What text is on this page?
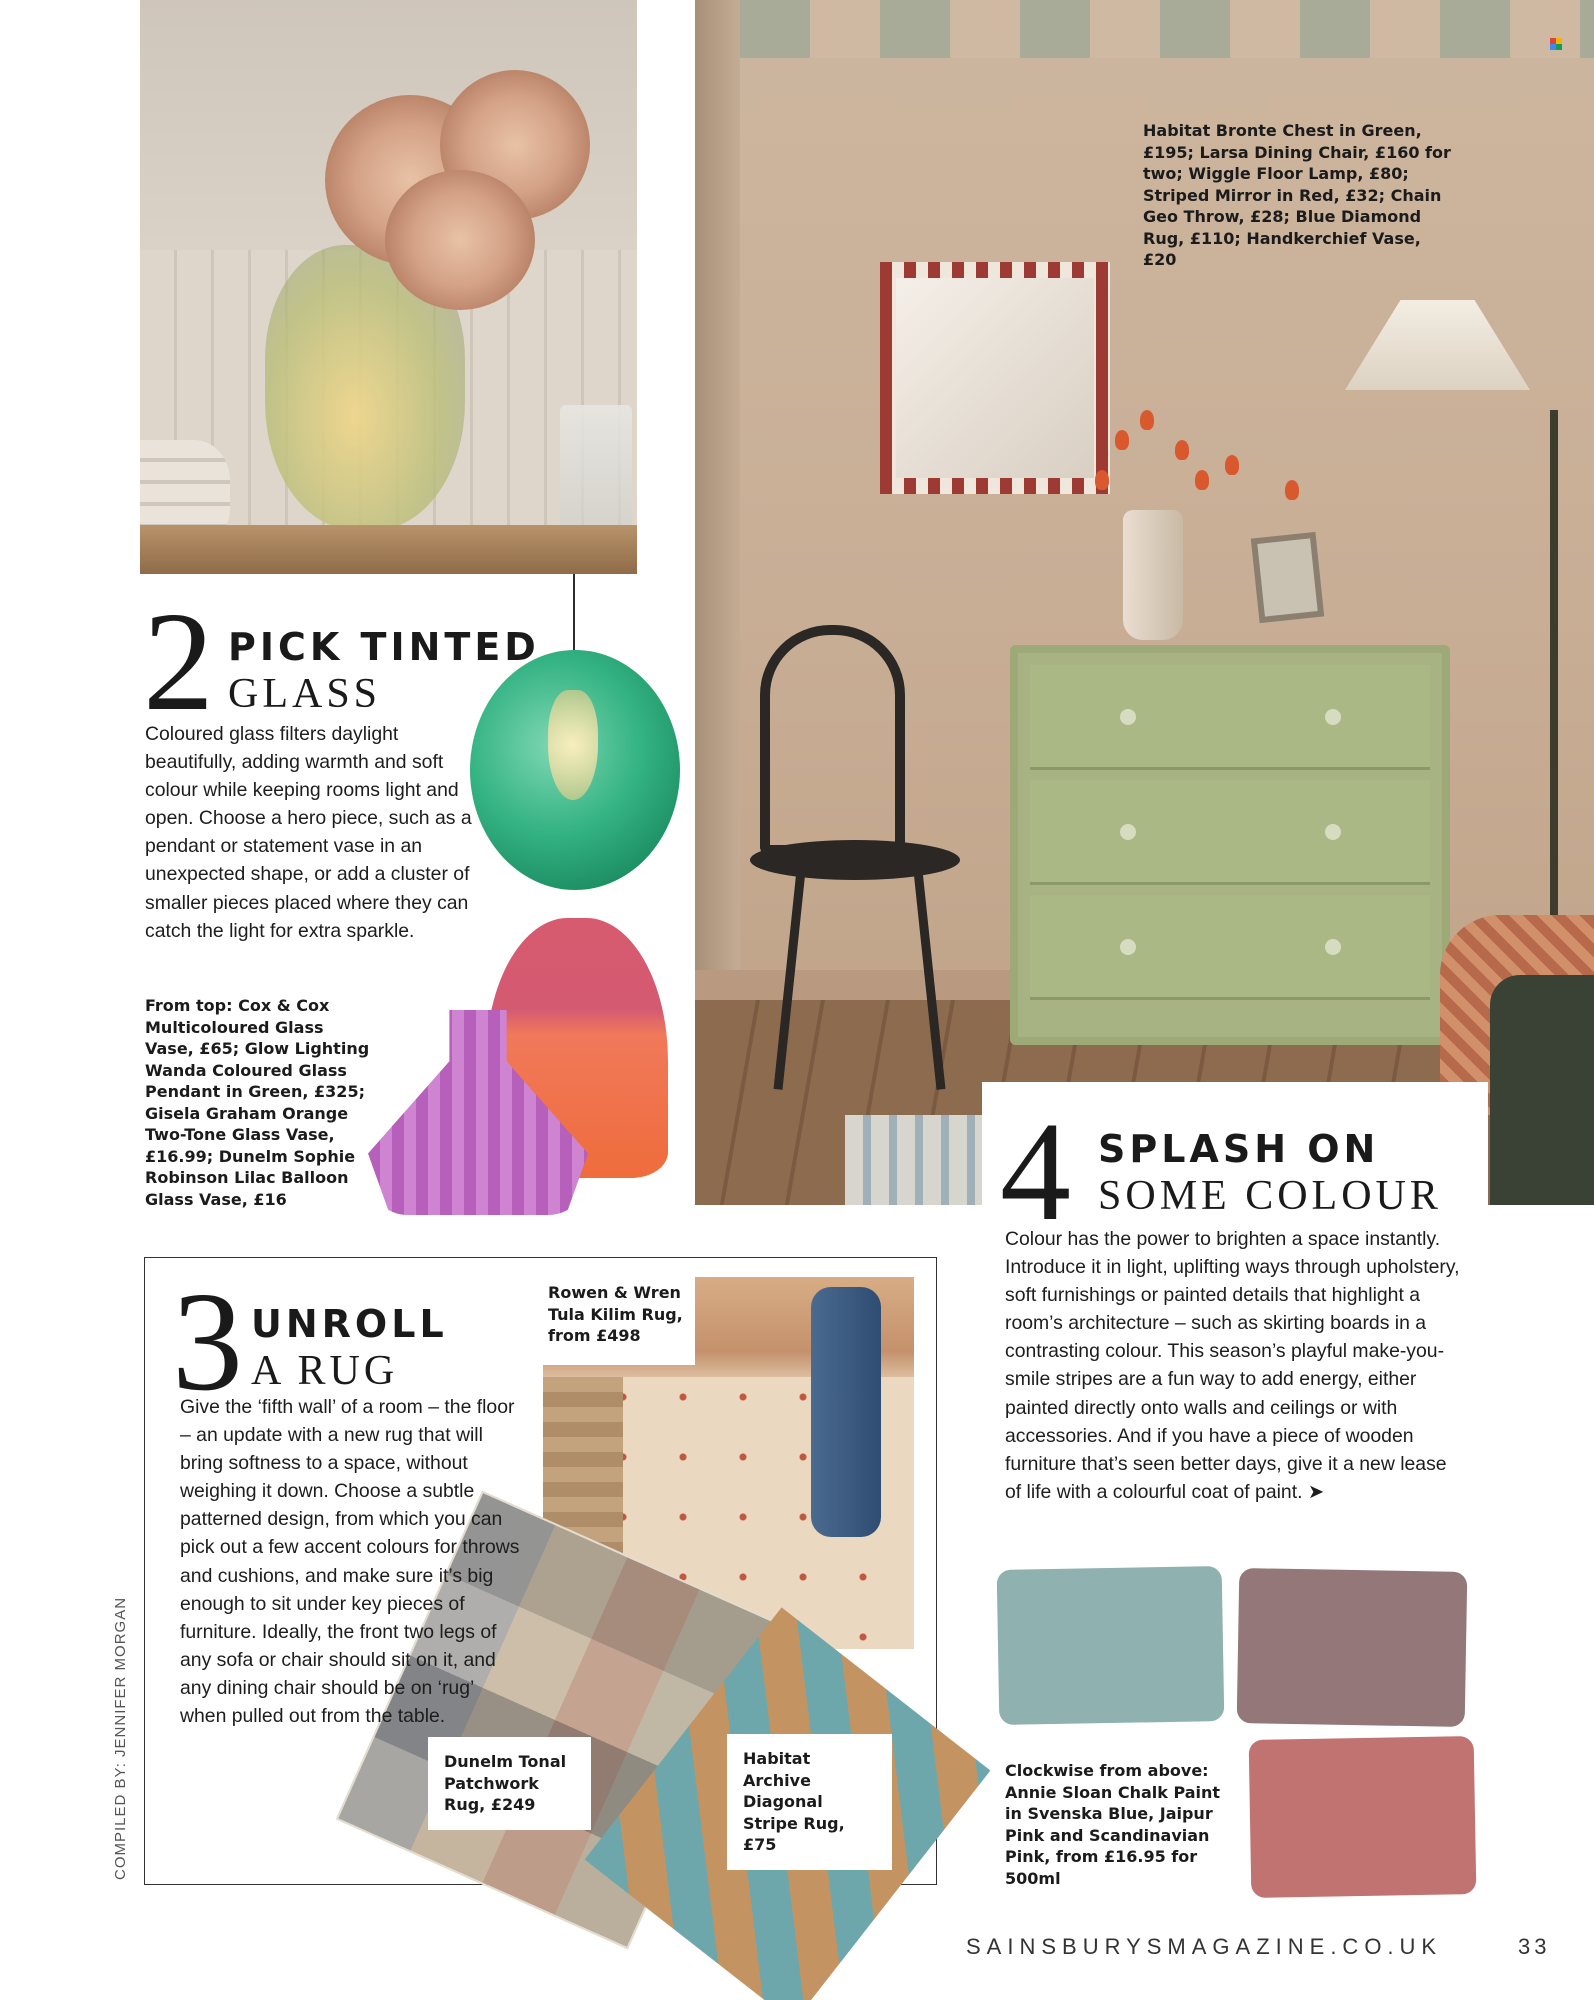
Habitat Bronte Chest in Green, £195; Larsa Dining Chair, £160 for two; Wiggle Floor Lamp, £80; Striped Mirror in Red, £32; Chain Geo Throw, £28; Blue Diamond Rug, £110; Handkerchief Vase, £20
2 PICK TINTED
GLASS
Coloured glass filters daylight beautifully, adding warmth and soft colour while keeping rooms light and open. Choose a hero piece, such as a pendant or statement vase in an unexpected shape, or add a cluster of smaller pieces placed where they can catch the light for extra sparkle.
From top: Cox & Cox Multicoloured Glass Vase, £65; Glow Lighting Wanda Coloured Glass Pendant in Green, £325; Gisela Graham Orange Two-Tone Glass Vase, £16.99; Dunelm Sophie Robinson Lilac Balloon Glass Vase, £16	4 SPLASH ON
SOME COLOUR
Colour has the power to brighten a space instantly. Introduce it in light, uplifting ways through upholstery, soft furnishings or painted details that highlight a room’s architecture – such as skirting boards in a contrasting colour. This season’s playful make-you-smile stripes are a fun way to add energy, either painted directly onto walls and ceilings or with accessories. And if you have a piece of wooden furniture that’s seen better days, give it a new lease of life with a colourful coat of paint. ➤
Clockwise from above: Annie Sloan Chalk Paint in Svenska Blue, Jaipur Pink and Scandinavian Pink, from £16.95 for 500ml
Rowen & Wren Tula Kilim Rug, from £498
3 UNROLL
A RUG
Give the ‘fifth wall’ of a room – the floor – an update with a new rug that will bring softness to a space, without weighing it down. Choose a subtle patterned design, from which you can pick out a few accent colours for throws and cushions, and make sure it’s big enough to sit under key pieces of furniture. Ideally, the front two legs of any sofa or chair should sit on it, and any dining chair should be on ‘rug’ when pulled out from the table.
Dunelm Tonal Patchwork Rug, £249
Habitat Archive Diagonal Stripe Rug, £75
COMPILED BY: JENNIFER MORGAN
SAINSBURYSMAGAZINE.CO.UK	33
